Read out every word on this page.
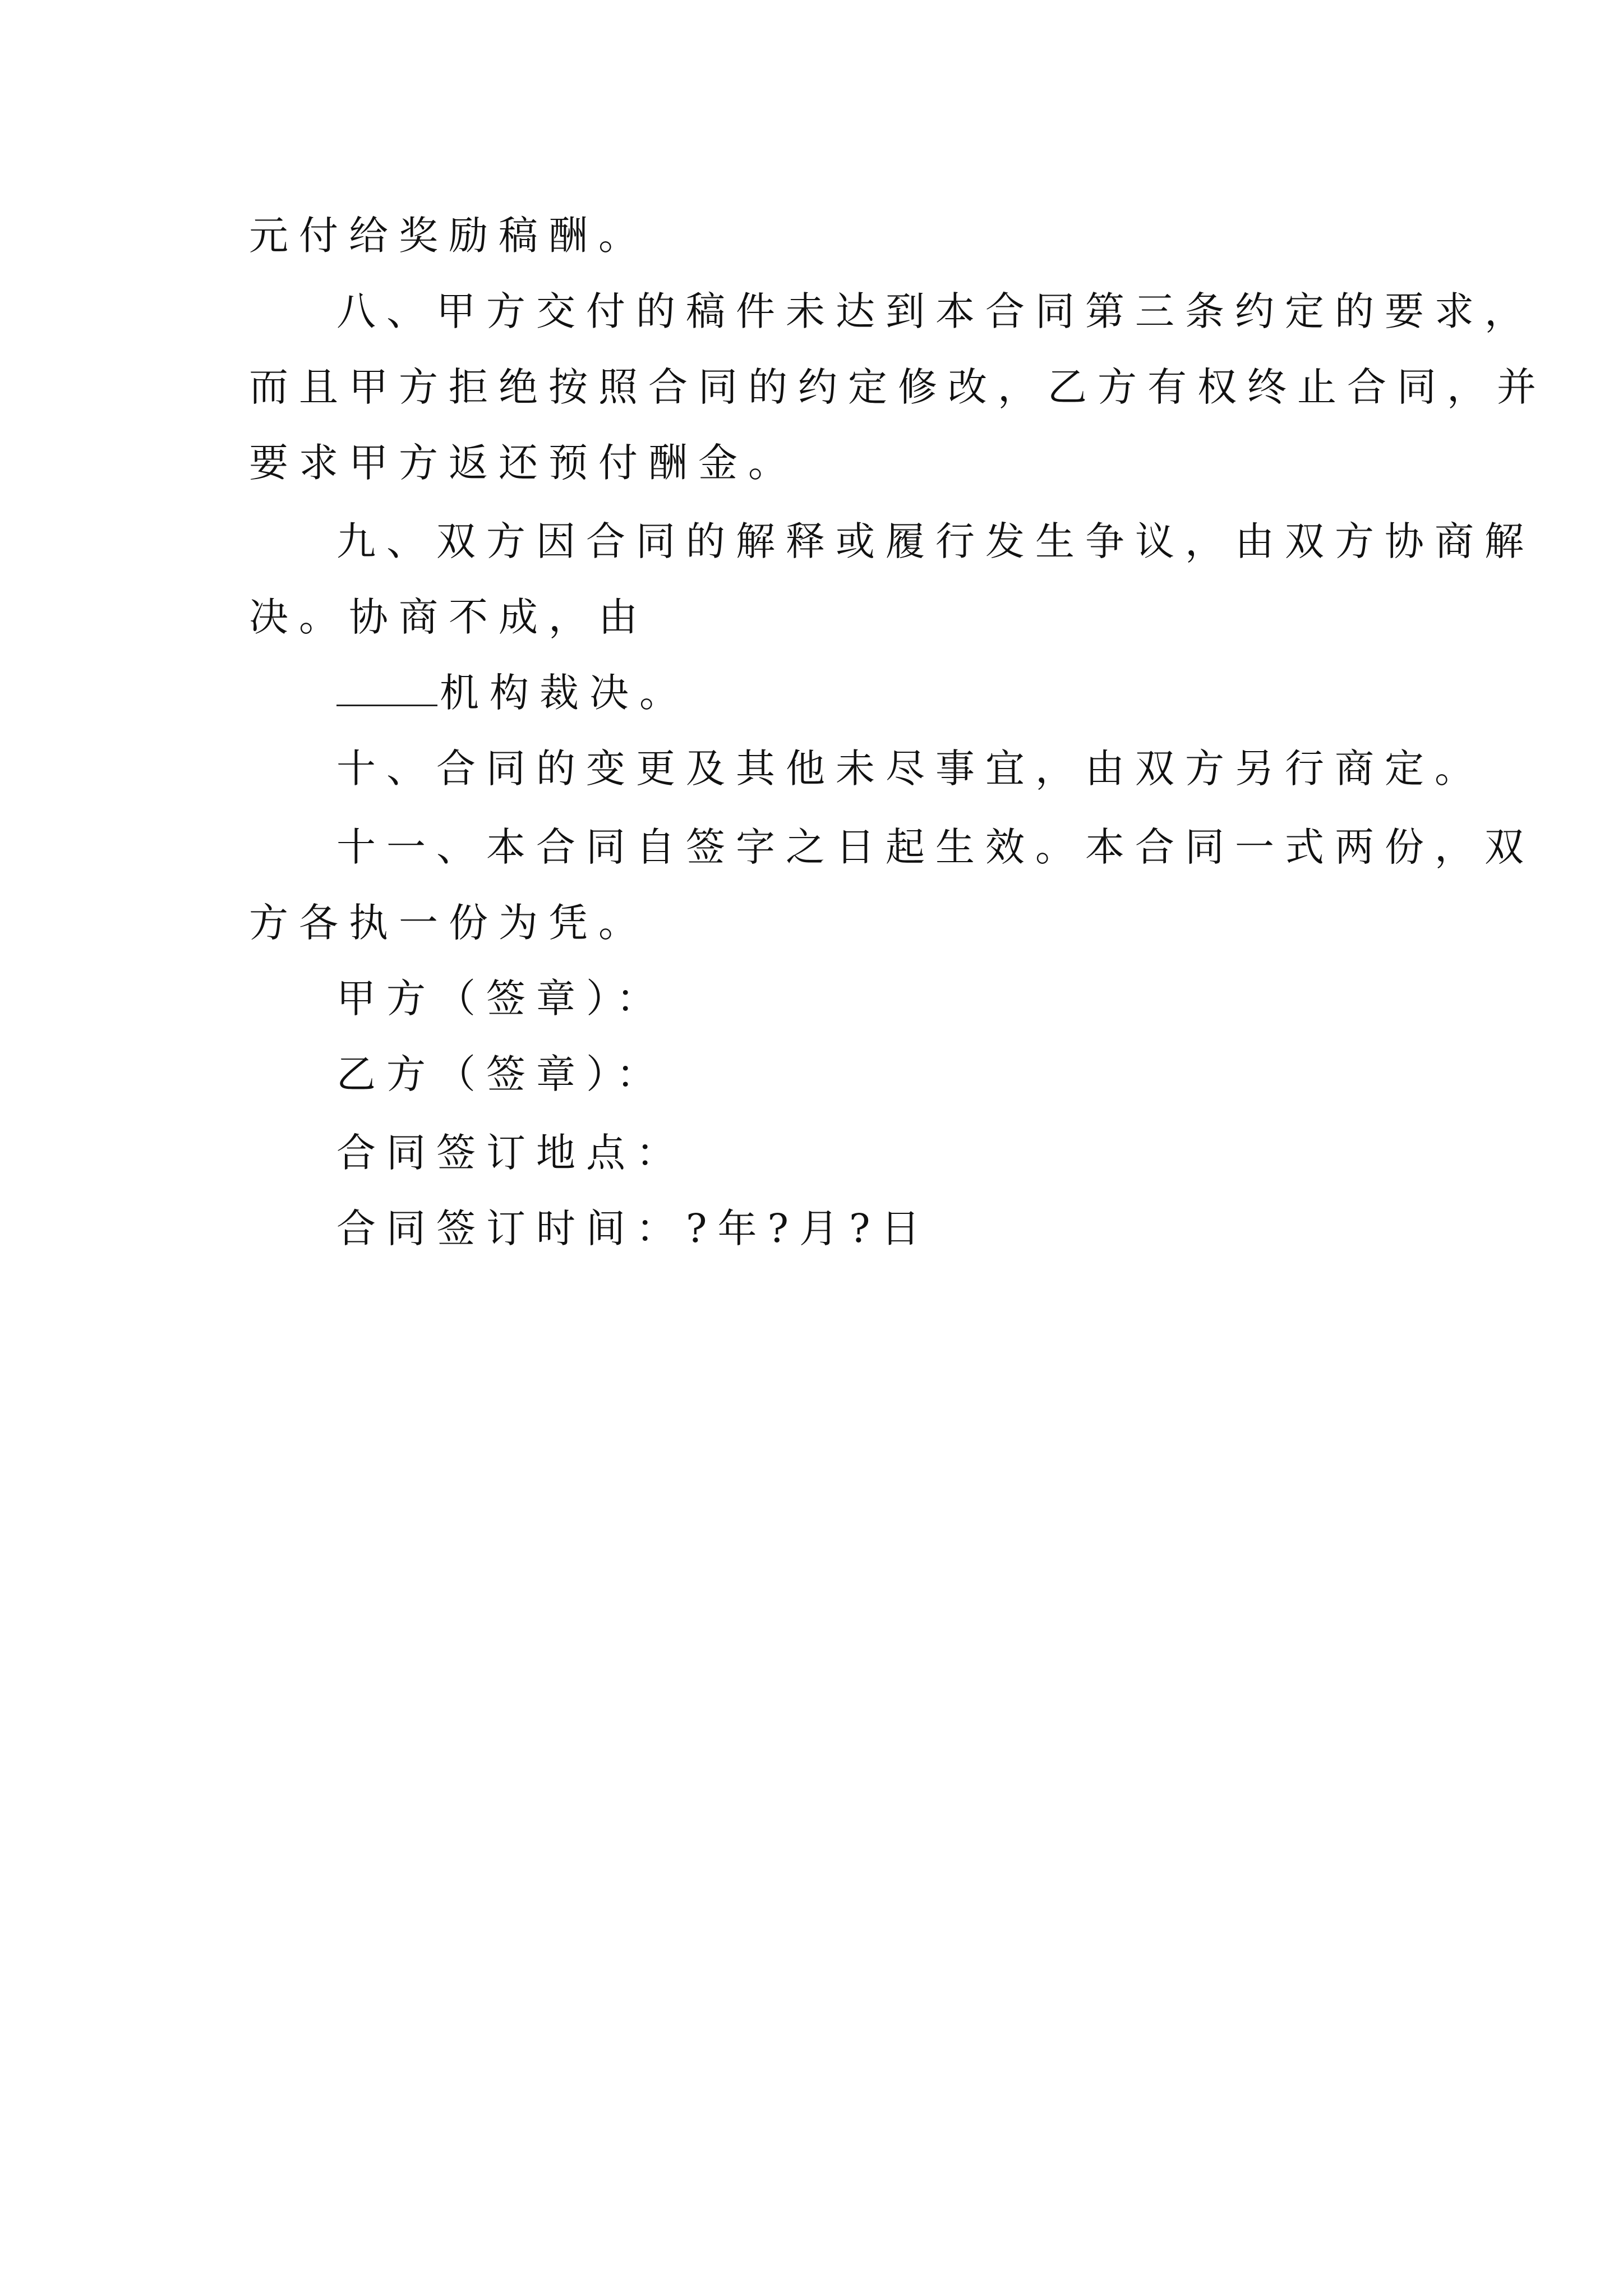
元付给奖励稿酬。
八、甲方交付的稿件未达到本合同第三条约定的要求，
而且甲方拒绝按照合同的约定修改，乙方有权终止合同，并
要求甲方返还预付酬金。
九、双方因合同的解释或履行发生争议，由双方协商解
决。协商不成，由
机构裁决。
十、合同的变更及其他未尽事宜，由双方另行商定。
十一、本合同自签字之日起生效。本合同一式两份，双
方各执一份为凭。
甲方（签章）：
乙方（签章）：
合同签订地点：
合同签订时间：?年?月?日
